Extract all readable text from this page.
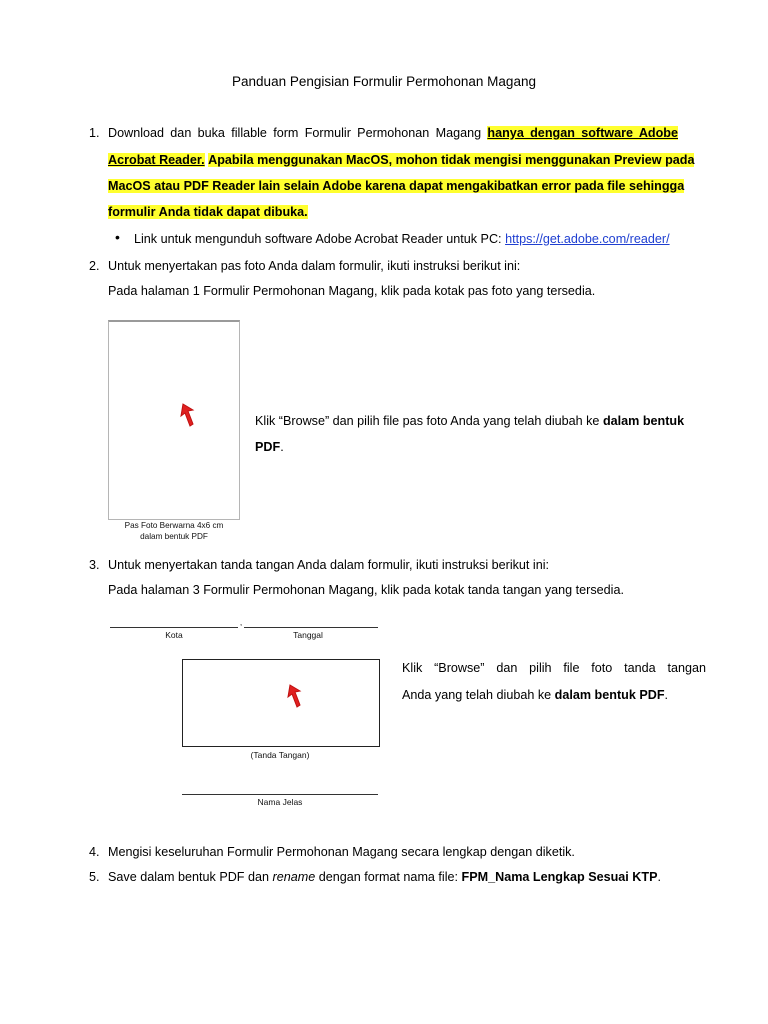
Panduan Pengisian Formulir Permohonan Magang
1. Download dan buka fillable form Formulir Permohonan Magang hanya dengan software Adobe
Acrobat Reader. Apabila menggunakan MacOS, mohon tidak mengisi menggunakan Preview pada
MacOS atau PDF Reader lain selain Adobe karena dapat mengakibatkan error pada file sehingga
formulir Anda tidak dapat dibuka.
• Link untuk mengunduh software Adobe Acrobat Reader untuk PC: https://get.adobe.com/reader/
2. Untuk menyertakan pas foto Anda dalam formulir, ikuti instruksi berikut ini:
Pada halaman 1 Formulir Permohonan Magang, klik pada kotak pas foto yang tersedia.
Pas Foto Berwarna 4x6 cm
dalam bentuk PDF
Klik “Browse” dan pilih file pas foto Anda yang telah diubah ke dalam bentuk
PDF.
3. Untuk menyertakan tanda tangan Anda dalam formulir, ikuti instruksi berikut ini:
Pada halaman 3 Formulir Permohonan Magang, klik pada kotak tanda tangan yang tersedia.
,
Kota	Tanggal
(Tanda Tangan)
Nama Jelas
Klik “Browse” dan pilih file foto tanda tangan
Anda yang telah diubah ke dalam bentuk PDF.
4. Mengisi keseluruhan Formulir Permohonan Magang secara lengkap dengan diketik.
5. Save dalam bentuk PDF dan rename dengan format nama file: FPM_Nama Lengkap Sesuai KTP.
